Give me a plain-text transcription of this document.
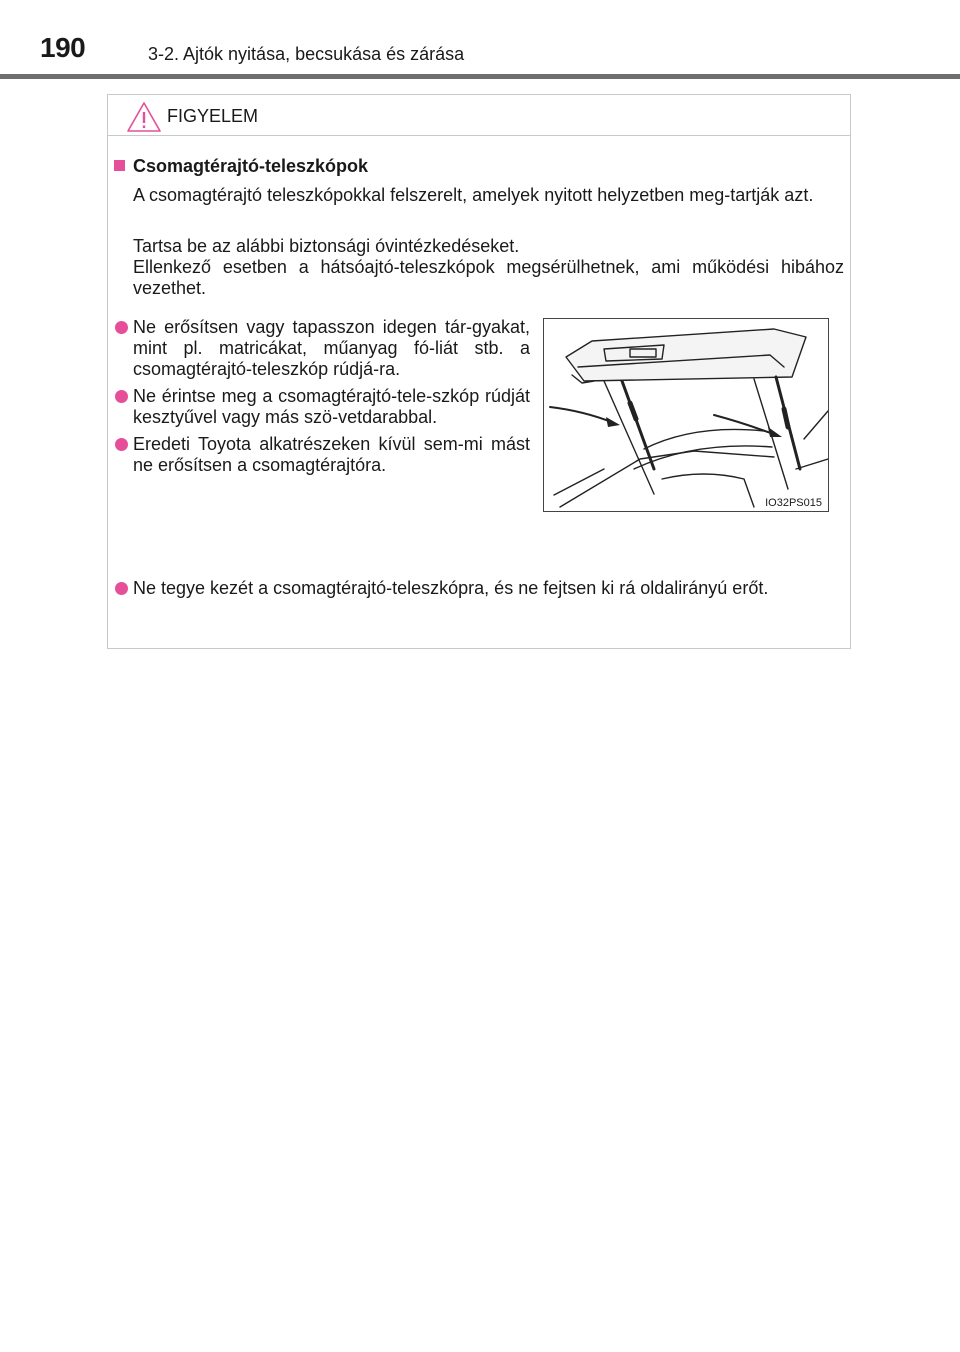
190	3-2. Ajtók nyitása, becsukása és zárása
FIGYELEM
Csomagtérajtó-teleszkópok
A csomagtérajtó teleszkópokkal felszerelt, amelyek nyitott helyzetben meg-tartják azt.
Tartsa be az alábbi biztonsági óvintézkedéseket.
Ellenkező esetben a hátsóajtó-teleszkópok megsérülhetnek, ami működési hibához vezethet.
Ne erősítsen vagy tapasszon idegen tár-gyakat, mint pl. matricákat, műanyag fó-liát stb. a csomagtérajtó-teleszkóp rúdjá-ra.
Ne érintse meg a csomagtérajtó-tele-szkóp rúdját kesztyűvel vagy más szö-vetdarabbal.
Eredeti Toyota alkatrészeken kívül sem-mi mást ne erősítsen a csomagtérajtóra.
IO32PS015
Ne tegye kezét a csomagtérajtó-teleszkópra, és ne fejtsen ki rá oldalirányú erőt.
